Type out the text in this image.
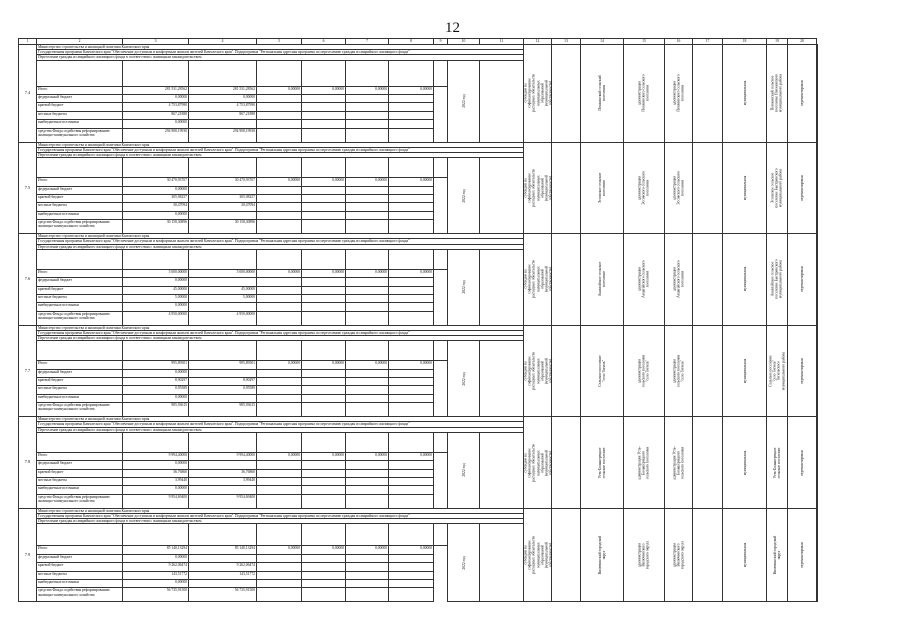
12
1	2	3	4	5	6	7	8	9	10	11	12	13	14	15	16	17	18	19	20	
7.4	Министерство строительства и жилищной политики Камчатского края										субсидии на софинансирование расходных обязательств муниципальных образований (муниципальной собственности)		Пенжинский сельский поселения	администрация Пенжинского сельского поселения	администрация Пенжинского сельского поселения		муниципальная	Пенжинский сельское поселение Пенжинского муниципального района	отремонтирован	

	Государственная программа Камчатского края "Обеспечение доступным и комфортным жильем жителей Камчатского края". Подпрограмма "Региональная адресная программа по переселению граждан из аварийного жилищного фонда"																			
	Переселение граждан из аварийного жилищного фонда в соответствии с жилищным законодательством																			

									2022 год											

	Итого	281 531,28562	281 531,28562	0,00000	0,00000	0,00000	0,00000													
	федеральный бюджет	0,00000	0,00000																	
	краевой бюджет	4 753,87990	4 753,87990																	
	местные бюджеты	867,21888	867,21888																	
	внебюджетные источники	0,00000																		
	средства Фонда содействия реформированию жилищно-коммунального хозяйства	294 908,19930	294 908,19930																	
7.5	Министерство строительства и жилищной политики Камчатского края										субсидии на софинансирование расходных обязательств муниципальных образований (муниципальной собственности)		Эссовское сельское поселение	администрация Эссовского сельского поселения	администрация Эссовского сельского поселения		муниципальная	Эссовское сельское поселение Быстринского муниципального района	отремонтирован	

	Государственная программа Камчатского края "Обеспечение доступным и комфортным жильем жителей Камчатского края". Подпрограмма "Региональная адресная программа по переселению граждан из аварийного жилищного фонда"																			
	Переселение граждан из аварийного жилищного фонда в соответствии с жилищным законодательством																			

									2022 год											

	Итого	30 470,93707	30 470,93707	0,00000	0,00000	0,00000	0,00000													
	федеральный бюджет	0,00000																		
	краевой бюджет	305,98257	305,98257																	
	местные бюджеты	30,47094	30,47094																	
	внебюджетные источники	0,00000																		
	средства Фонда содействия реформированию жилищно-коммунального хозяйства	30 158,30896	30 158,30896																	
7.6	Министерство строительства и жилищной политики Камчатского края										субсидии на софинансирование расходных обязательств муниципальных образований (муниципальной собственности)		Анавгайское сельское поселение	администрация Анавгайского сельского поселения	администрация Анавгайского сельского поселения		муниципальная	Анавгайское сельское поселение Быстринского муниципального района	отремонтирован	

	Государственная программа Камчатского края "Обеспечение доступным и комфортным жильем жителей Камчатского края". Подпрограмма "Региональная адресная программа по переселению граждан из аварийного жилищного фонда"																			
	Переселение граждан из аварийного жилищного фонда в соответствии с жилищным законодательством																			

									2022 год											

	Итого	5 000,00000	5 000,00000	0,00000	0,00000	0,00000	0,00000													
	федеральный бюджет	0,00000																		
	краевой бюджет	45,00000	45,00000																	
	местные бюджеты	5,00000	5,00000																	
	внебюджетные источники	0,00000																		
	средства Фонда содействия реформированию жилищно-коммунального хозяйства	4 950,00000	4 950,00000																	
7.7	Министерство строительства и жилищной политики Камчатского края										субсидии на софинансирование расходных обязательств муниципальных образований (муниципальной собственности)		Сельское поселение "село Тигиль"	администрация сельского поселения "село Тигиль"	администрация сельского поселения "село Тигиль"		муниципальная	Сельское поселение "село Тигиль" Тигильского муниципального района	отремонтирован	

	Государственная программа Камчатского края "Обеспечение доступным и комфортным жильем жителей Камчатского края". Подпрограмма "Региональная адресная программа по переселению граждан из аварийного жилищного фонда"																			
	Переселение граждан из аварийного жилищного фонда в соответствии с жилищным законодательством																			

									2022 год											

	Итого	995,89501	995,89501	0,00000	0,00000	0,00000	0,00000													
	федеральный бюджет	0,00000																		
	краевой бюджет	8,90297	8,90297																	
	местные бюджеты	0,95589	0,95589																	
	внебюджетные источники	0,00000																		
	средства Фонда содействия реформированию жилищно-коммунального хозяйства	985,93615	985,93615																	
7.8	Министерство строительства и жилищной политики Камчатского края										субсидии на софинансирование расходных обязательств муниципальных образований (муниципальной собственности)		Усть-Большерецкое сельское поселение	администрация Усть-Большерецкого сельского поселения	администрация Усть-Большерецкого сельского поселения		муниципальная	Усть-Большерецкое сельское поселение	отремонтирован	

	Государственная программа Камчатского края "Обеспечение доступным и комфортным жильем жителей Камчатского края". Подпрограмма "Региональная адресная программа по переселению граждан из аварийного жилищного фонда"																			
	Переселение граждан из аварийного жилищного фонда в соответствии с жилищным законодательством																			

									2022 год											

	Итого	9 994,40000	9 994,40000	0,00000	0,00000	0,00000	0,00000													
	федеральный бюджет	0,00000																		
	краевой бюджет	36,76860	36,76860																	
	местные бюджеты	3,99440	3,99440																	
	внебюджетные источники	0,00000																		
	средства Фонда содействия реформированию жилищно-коммунального хозяйства	9 954,69400	9 954,69400																	
7.9	Министерство строительства и жилищной политики Камчатского края										субсидии на софинансирование расходных обязательств муниципальных образований (муниципальной собственности)		Вилючинский городской округ	администрация Вилючинского городского округа	администрация Вилючинского городского округа		муниципальная	Вилючинский городской округ	отремонтирован	

	Государственная программа Камчатского края "Обеспечение доступным и комфортным жильем жителей Камчатского края". Подпрограмма "Региональная адресная программа по переселению граждан из аварийного жилищного фонда"																			
	Переселение граждан из аварийного жилищного фонда в соответствии с жилищным законодательством																			

									2022 год											

	Итого	85 140,13294	85 140,13294	0,00000	0,00000	0,00000	0,00000													
	федеральный бюджет	0,00000																		
	краевой бюджет	9 262,06474	9 262,06474																	
	местные бюджеты	143,51772	143,51772																	
	внебюджетные источники	0,00000																		
	средства Фонда содействия реформированию жилищно-коммунального хозяйства	56 735,91500	56 735,91500																	
